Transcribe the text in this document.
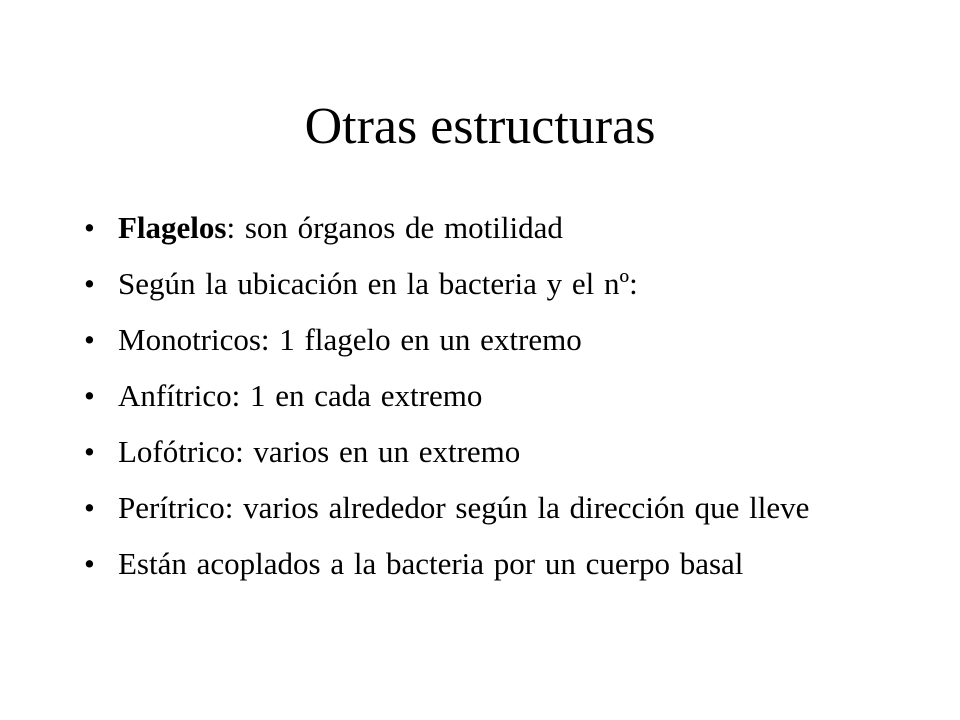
Otras estructuras
• Flagelos: son órganos de motilidad
• Según la ubicación en la bacteria y el nº:
• Monotricos: 1 flagelo en un extremo
• Anfítrico: 1 en cada extremo
• Lofótrico: varios en un extremo
• Perítrico: varios alrededor según la dirección que lleve
• Están acoplados a la bacteria por un cuerpo basal
